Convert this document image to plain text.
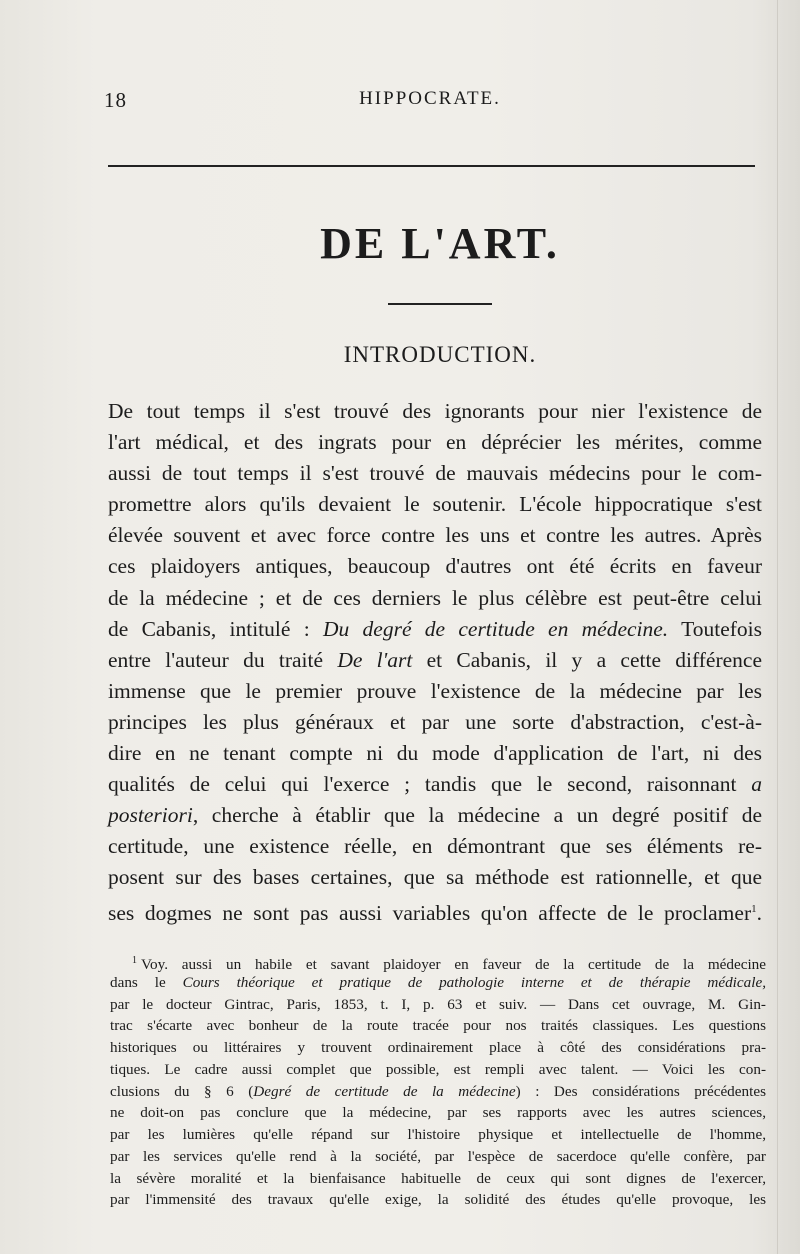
18	HIPPOCRATE.
DE L'ART.
INTRODUCTION.
De tout temps il s'est trouvé des ignorants pour nier l'existence de
l'art médical, et des ingrats pour en déprécier les mérites, comme
aussi de tout temps il s'est trouvé de mauvais médecins pour le com-
promettre alors qu'ils devaient le soutenir. L'école hippocratique s'est
élevée souvent et avec force contre les uns et contre les autres. Après
ces plaidoyers antiques, beaucoup d'autres ont été écrits en faveur
de la médecine ; et de ces derniers le plus célèbre est peut-être celui
de Cabanis, intitulé : Du degré de certitude en médecine. Toutefois
entre l'auteur du traité De l'art et Cabanis, il y a cette différence
immense que le premier prouve l'existence de la médecine par les
principes les plus généraux et par une sorte d'abstraction, c'est-à-
dire en ne tenant compte ni du mode d'application de l'art, ni des
qualités de celui qui l'exerce ; tandis que le second, raisonnant a
posteriori, cherche à établir que la médecine a un degré positif de
certitude, une existence réelle, en démontrant que ses éléments re-
posent sur des bases certaines, que sa méthode est rationnelle, et que
ses dogmes ne sont pas aussi variables qu'on affecte de le proclamer$^1$.
$^1$ Voy. aussi un habile et savant plaidoyer en faveur de la certitude de la médecine
dans le Cours théorique et pratique de pathologie interne et de thérapie médicale,
par le docteur Gintrac, Paris, 1853, t. I, p. 63 et suiv. — Dans cet ouvrage, M. Gin-
trac s'écarte avec bonheur de la route tracée pour nos traités classiques. Les questions
historiques ou littéraires y trouvent ordinairement place à côté des considérations pra-
tiques. Le cadre aussi complet que possible, est rempli avec talent. — Voici les con-
clusions du § 6 (Degré de certitude de la médecine) : Des considérations précédentes
ne doit-on pas conclure que la médecine, par ses rapports avec les autres sciences,
par les lumières qu'elle répand sur l'histoire physique et intellectuelle de l'homme,
par les services qu'elle rend à la société, par l'espèce de sacerdoce qu'elle confère, par
la sévère moralité et la bienfaisance habituelle de ceux qui sont dignes de l'exercer,
par l'immensité des travaux qu'elle exige, la solidité des études qu'elle provoque, les
